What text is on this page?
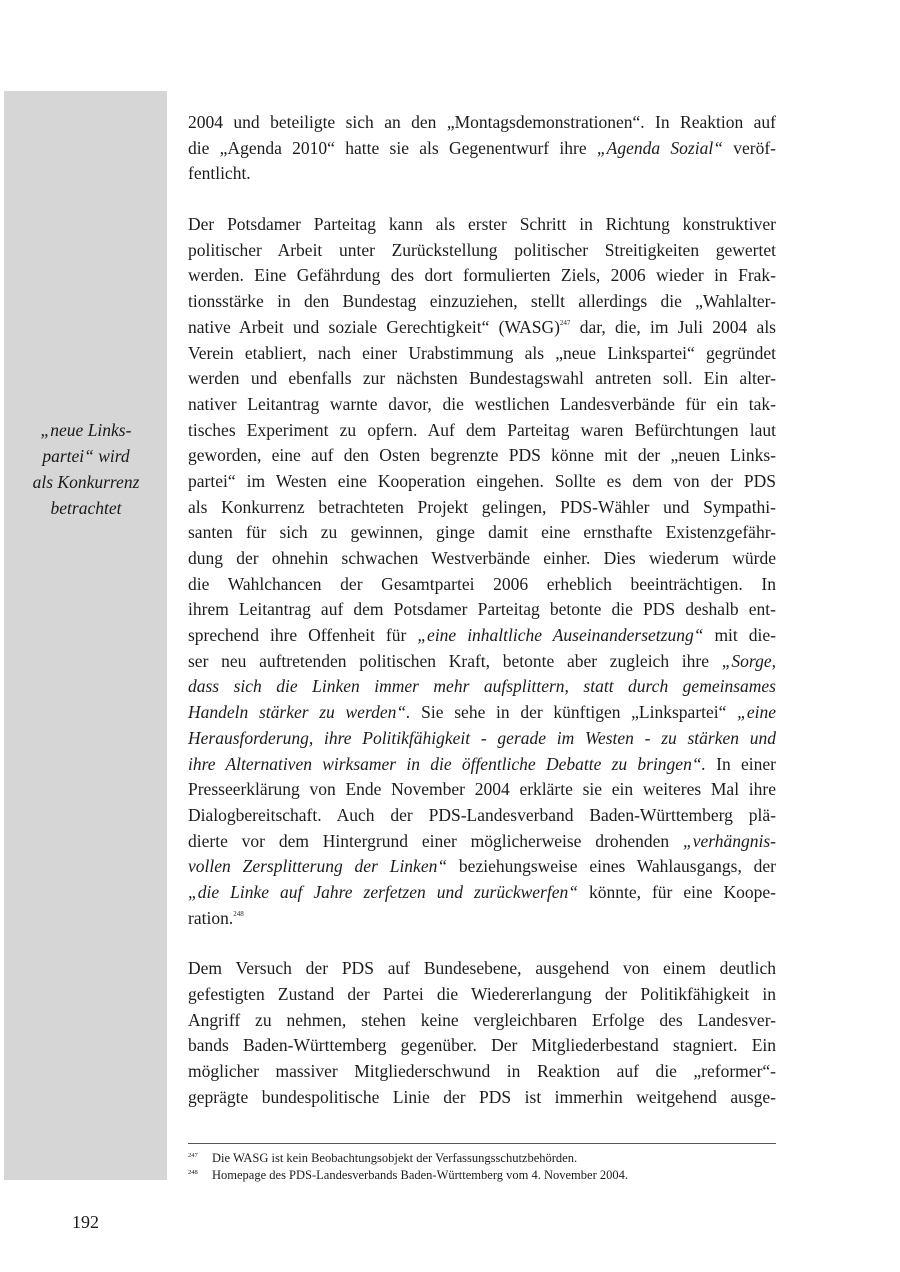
„neue Links-
partei“ wird
als Konkurrenz
betrachtet
2004 und beteiligte sich an den „Montagsdemonstrationen“. In Reaktion auf
die „Agenda 2010“ hatte sie als Gegenentwurf ihre „Agenda Sozial“ veröf-
fentlicht.
Der Potsdamer Parteitag kann als erster Schritt in Richtung konstruktiver
politischer Arbeit unter Zurückstellung politischer Streitigkeiten gewertet
werden. Eine Gefährdung des dort formulierten Ziels, 2006 wieder in Frak-
tionsstärke in den Bundestag einzuziehen, stellt allerdings die „Wahlalter-
native Arbeit und soziale Gerechtigkeit“ (WASG)$^{247}$ dar, die, im Juli 2004 als
Verein etabliert, nach einer Urabstimmung als „neue Linkspartei“ gegründet
werden und ebenfalls zur nächsten Bundestagswahl antreten soll. Ein alter-
nativer Leitantrag warnte davor, die westlichen Landesverbände für ein tak-
tisches Experiment zu opfern. Auf dem Parteitag waren Befürchtungen laut
geworden, eine auf den Osten begrenzte PDS könne mit der „neuen Links-
partei“ im Westen eine Kooperation eingehen. Sollte es dem von der PDS
als Konkurrenz betrachteten Projekt gelingen, PDS-Wähler und Sympathi-
santen für sich zu gewinnen, ginge damit eine ernsthafte Existenzgefähr-
dung der ohnehin schwachen Westverbände einher. Dies wiederum würde
die Wahlchancen der Gesamtpartei 2006 erheblich beeinträchtigen. In
ihrem Leitantrag auf dem Potsdamer Parteitag betonte die PDS deshalb ent-
sprechend ihre Offenheit für „eine inhaltliche Auseinandersetzung“ mit die-
ser neu auftretenden politischen Kraft, betonte aber zugleich ihre „Sorge,
dass sich die Linken immer mehr aufsplittern, statt durch gemeinsames
Handeln stärker zu werden“. Sie sehe in der künftigen „Linkspartei“ „eine
Herausforderung, ihre Politikfähigkeit - gerade im Westen - zu stärken und
ihre Alternativen wirksamer in die öffentliche Debatte zu bringen“. In einer
Presseerklärung von Ende November 2004 erklärte sie ein weiteres Mal ihre
Dialogbereitschaft. Auch der PDS-Landesverband Baden-Württemberg plä-
dierte vor dem Hintergrund einer möglicherweise drohenden „verhängnis-
vollen Zersplitterung der Linken“ beziehungsweise eines Wahlausgangs, der
„die Linke auf Jahre zerfetzen und zurückwerfen“ könnte, für eine Koope-
ration.$^{248}$
Dem Versuch der PDS auf Bundesebene, ausgehend von einem deutlich
gefestigten Zustand der Partei die Wiedererlangung der Politikfähigkeit in
Angriff zu nehmen, stehen keine vergleichbaren Erfolge des Landesver-
bands Baden-Württemberg gegenüber. Der Mitgliederbestand stagniert. Ein
möglicher massiver Mitgliederschwund in Reaktion auf die „reformer“-
geprägte bundespolitische Linie der PDS ist immerhin weitgehend ausge-
247 Die WASG ist kein Beobachtungsobjekt der Verfassungsschutzbehörden.
248 Homepage des PDS-Landesverbands Baden-Württemberg vom 4. November 2004.
192
